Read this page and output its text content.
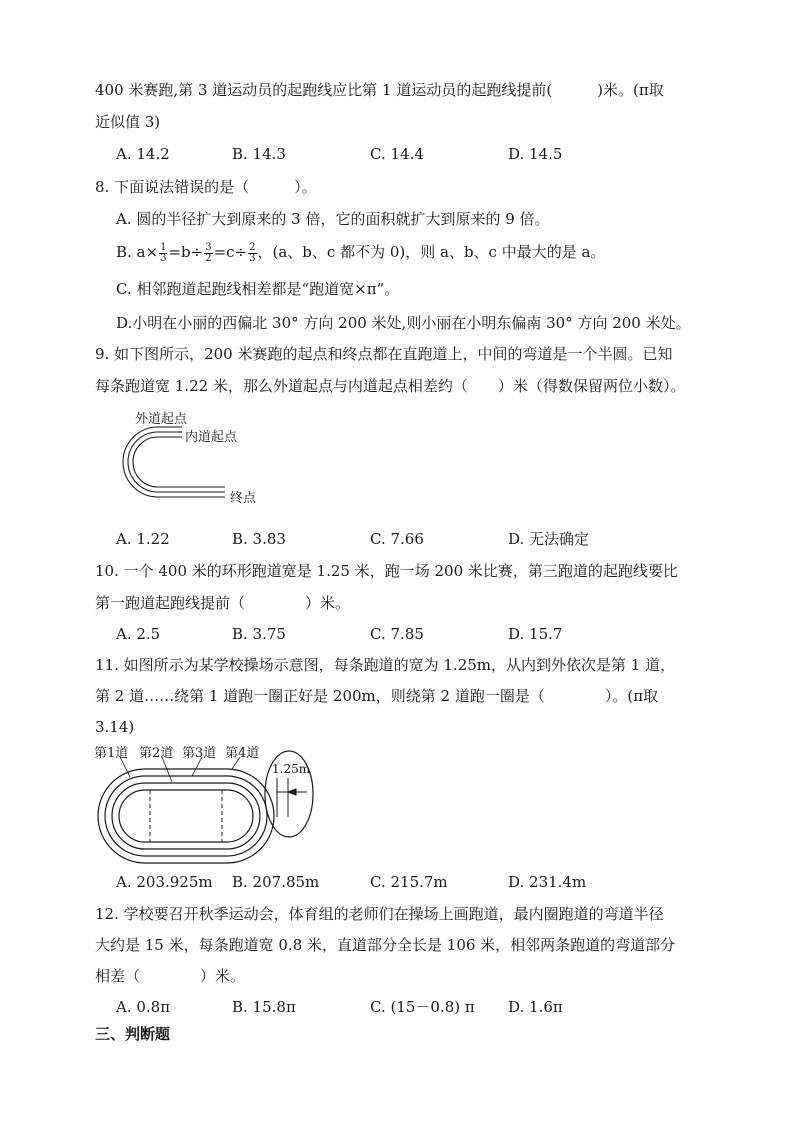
400 米赛跑,第 3 道运动员的起跑线应比第 1 道运动员的起跑线提前(　　　)米。(π取
近似值 3)
A. 14.2	B. 14.3	C. 14.4	D. 14.5
8. 下面说法错误的是（　　　）。
A. 圆的半径扩大到原来的 3 倍，它的面积就扩大到原来的 9 倍。
B. $a\times \frac{1}{3} =b\div \frac{3}{2} =c\div \frac{2}{3}$ ，(a、b、c 都不为 0)，则 a、b、c 中最大的是 a。
C. 相邻跑道起跑线相差都是“跑道宽×π”。
D.小明在小丽的西偏北 30° 方向 200 米处,则小丽在小明东偏南 30° 方向 200 米处。
9. 如下图所示，200 米赛跑的起点和终点都在直跑道上，中间的弯道是一个半圆。已知
每条跑道宽 1.22 米，那么外道起点与内道起点相差约（　　）米（得数保留两位小数）。
外道起点
内道起点
终点
A. 1.22	B. 3.83	C. 7.66	D. 无法确定
10. 一个 400 米的环形跑道宽是 1.25 米，跑一场 200 米比赛，第三跑道的起跑线要比
第一跑道起跑线提前（　　　　）米。
A. 2.5	B. 3.75	C. 7.85	D. 15.7
11. 如图所示为某学校操场示意图，每条跑道的宽为 1.25m，从内到外依次是第 1 道，
第 2 道……绕第 1 道跑一圈正好是 200m，则绕第 2 道跑一圈是（　　　　）。(π取
3.14)
第1道 第2道 第3道 第4道
1.25m
A. 203.925m B. 207.85m	C. 215.7m	D. 231.4m
12. 学校要召开秋季运动会，体育组的老师们在操场上画跑道，最内圈跑道的弯道半径
大约是 15 米，每条跑道宽 0.8 米，直道部分全长是 106 米，相邻两条跑道的弯道部分
相差（　　　　）米。
A. 0.8π	B. 15.8π	C. (15－0.8) π D. 1.6π
三、判断题
